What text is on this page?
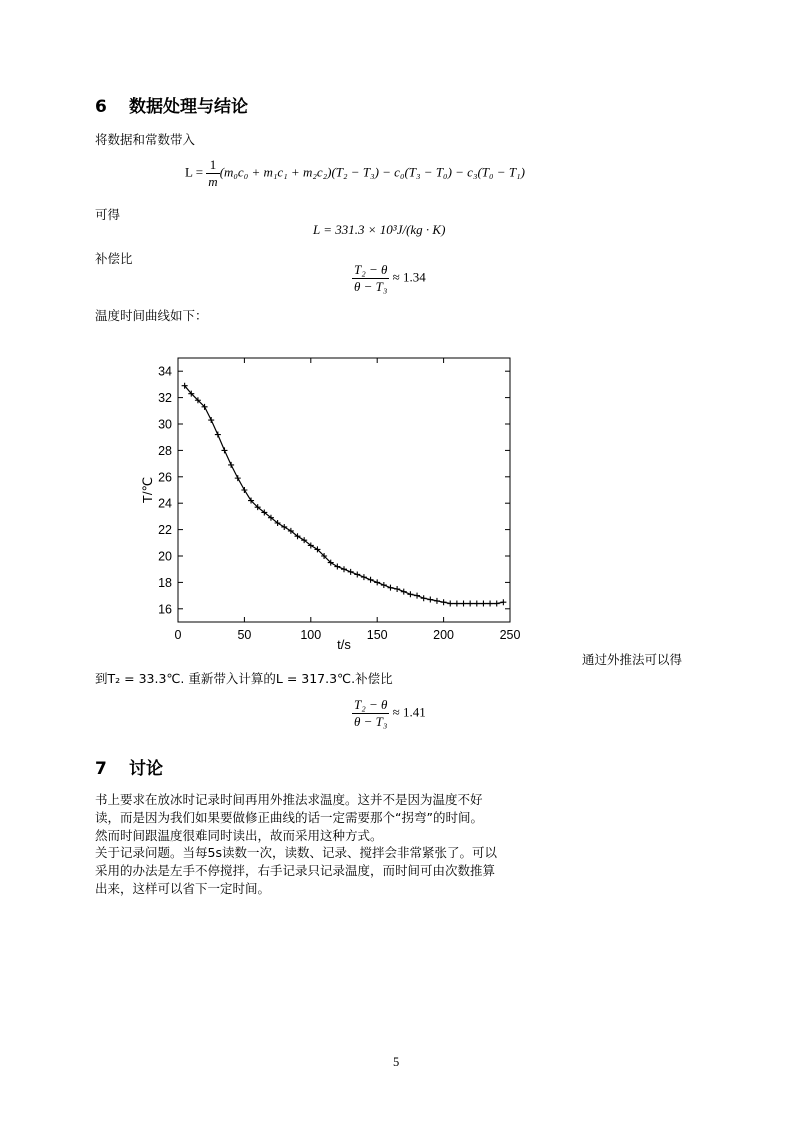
6 数据处理与结论
将数据和常数带入
$L = \frac{1}{m} (m_0c_0 + m_1c_1 + m_2c_2)(T_2 - T_3) - c_0(T_3 - T_0) - c_3(T_0 - T_1)$
可得
L = 331.3 × 10³J/(kg · K)
补偿比
$\frac{\text{T₂ − θ}}{\text{θ − T₃}} \approx 1.34$
温度时间曲线如下：
0	50	100	150	200	250
16
18
20
22
24
26
28
30
32
34
t/s
T/℃
通过外推法可以得
到T₂ = 33.3℃. 重新带入计算的L = 317.3℃.补偿比
$\frac{\text{T₂ − θ}}{\text{θ − T₃}} \approx 1.41$
7 讨论
书上要求在放冰时记录时间再用外推法求温度。这并不是因为温度不好
读，而是因为我们如果要做修正曲线的话一定需要那个“拐弯”的时间。
然而时间跟温度很难同时读出，故而采用这种方式。
关于记录问题。当每5s读数一次，读数、记录、搅拌会非常紧张了。可以
采用的办法是左手不停搅拌，右手记录只记录温度，而时间可由次数推算
出来，这样可以省下一定时间。
5
